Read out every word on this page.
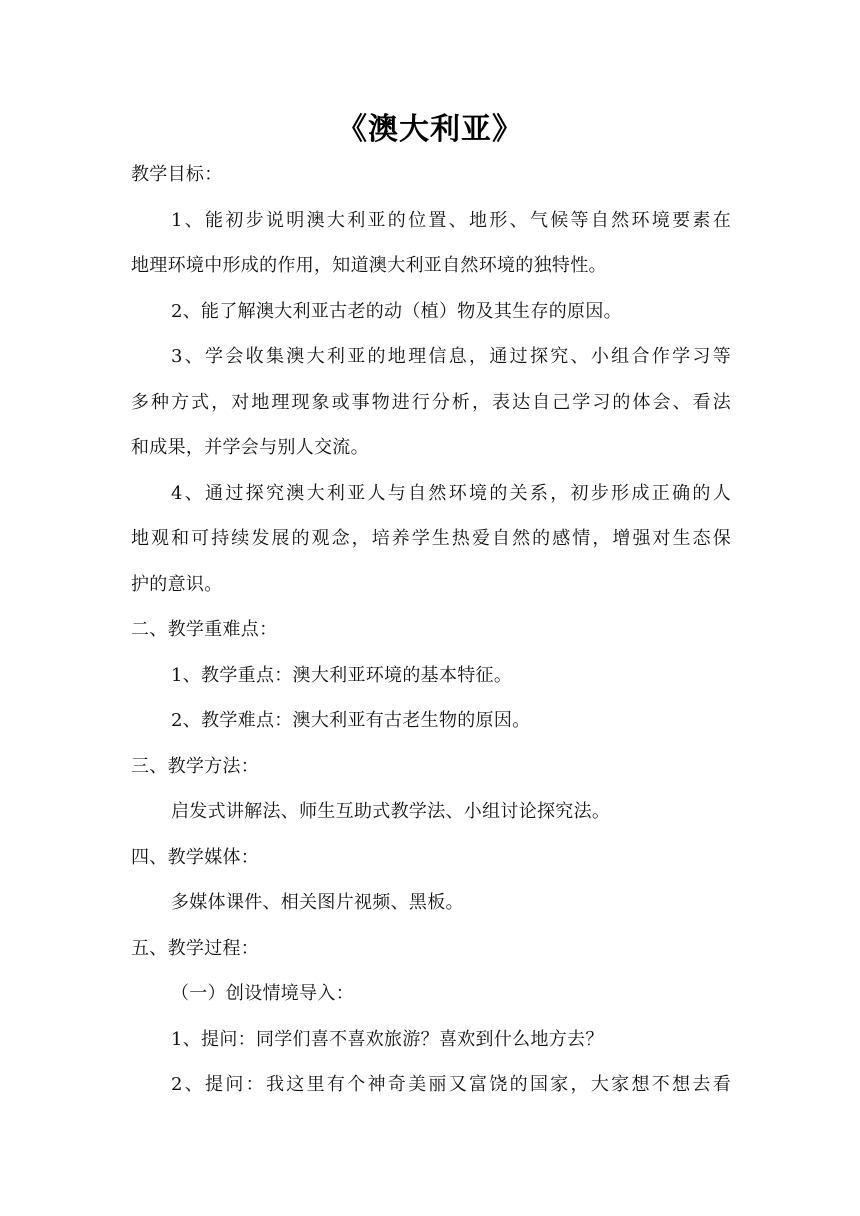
《澳大利亚》
教学目标：
1、能初步说明澳大利亚的位置、地形、气候等自然环境要素在
地理环境中形成的作用，知道澳大利亚自然环境的独特性。
2、能了解澳大利亚古老的动（植）物及其生存的原因。
3、学会收集澳大利亚的地理信息，通过探究、小组合作学习等
多种方式，对地理现象或事物进行分析，表达自己学习的体会、看法
和成果，并学会与别人交流。
4、通过探究澳大利亚人与自然环境的关系，初步形成正确的人
地观和可持续发展的观念，培养学生热爱自然的感情，增强对生态保
护的意识。
二、教学重难点：
1、教学重点：澳大利亚环境的基本特征。
2、教学难点：澳大利亚有古老生物的原因。
三、教学方法：
启发式讲解法、师生互助式教学法、小组讨论探究法。
四、教学媒体：
多媒体课件、相关图片视频、黑板。
五、教学过程：
（一）创设情境导入：
1、提问：同学们喜不喜欢旅游？喜欢到什么地方去？
2、提问：我这里有个神奇美丽又富饶的国家，大家想不想去看
